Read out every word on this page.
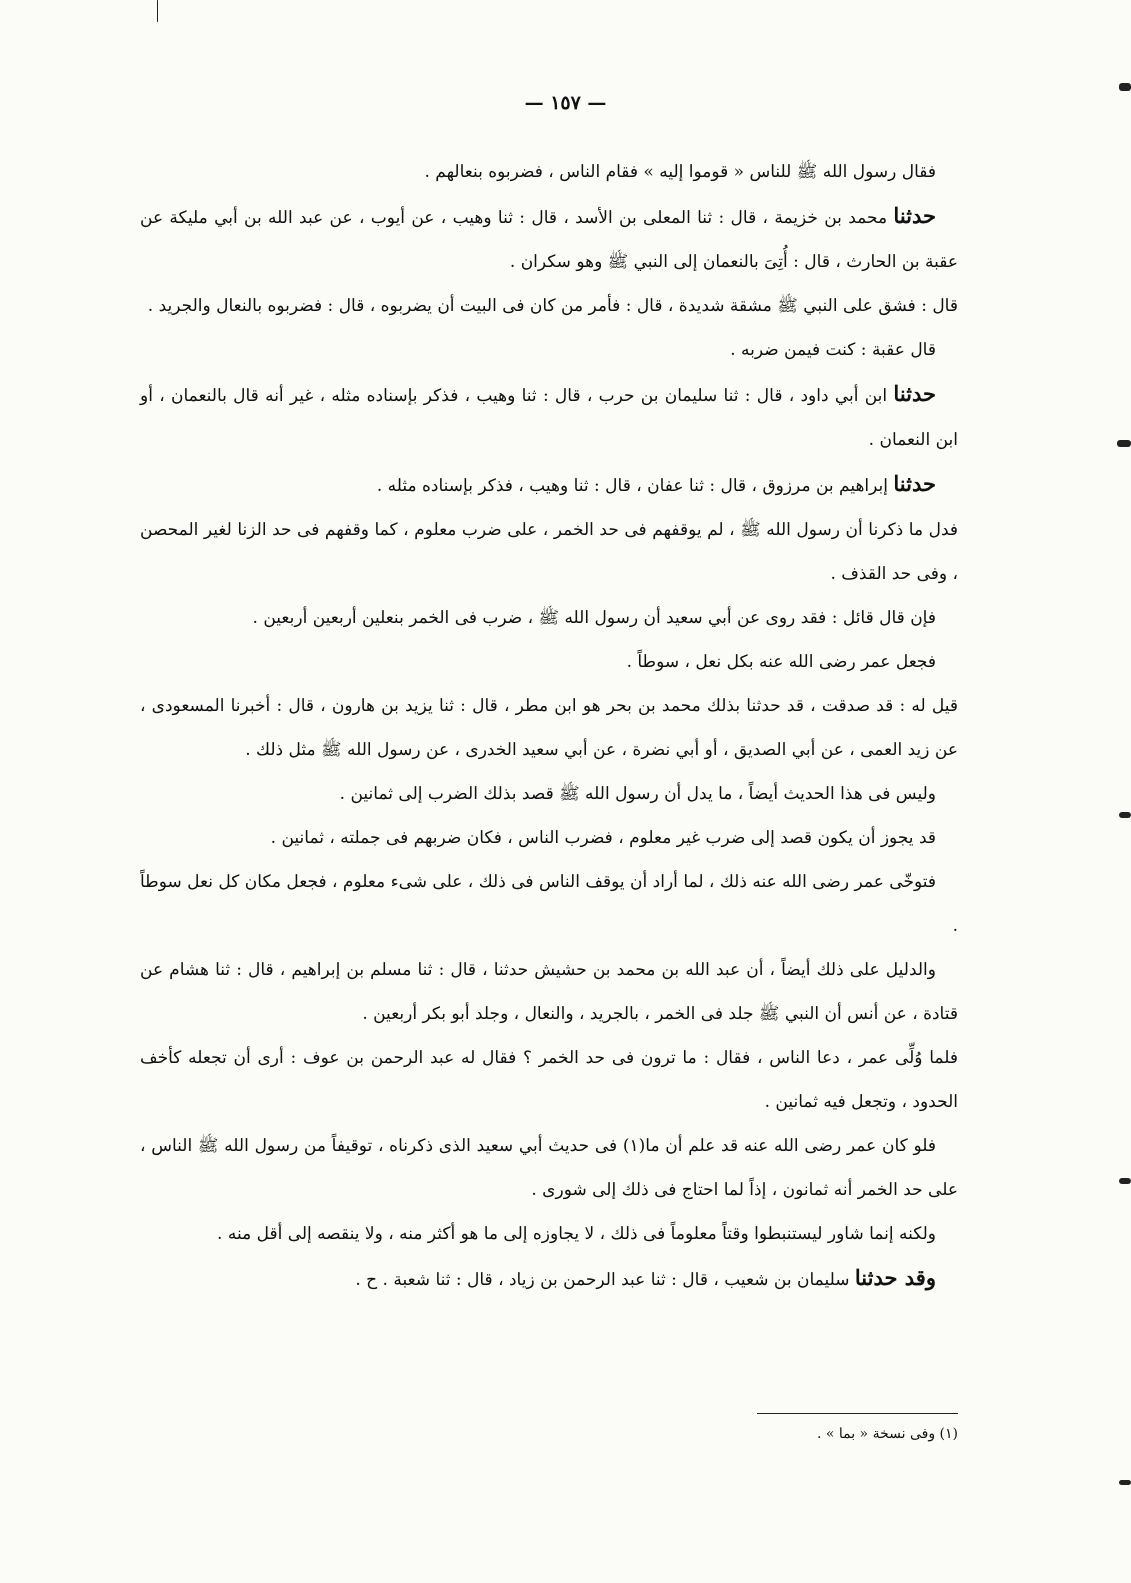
— ١٥٧ —

فقال رسول الله ﷺ للناس « قوموا إليه » فقام الناس ، فضربوه بنعالهم .

حدثنا محمد بن خزيمة ، قال : ثنا المعلى بن الأسد ، قال : ثنا وهيب ، عن أيوب ، عن عبد الله بن أبي مليكة عن عقبة بن الحارث ، قال : أُتِىَ بالنعمان إلى النبي ﷺ وهو سكران .

قال : فشق على النبي ﷺ مشقة شديدة ، قال : فأمر من كان فى البيت أن يضربوه ، قال : فضربوه بالنعال والجريد .

قال عقبة : كنت فيمن ضربه .

حدثنا ابن أبي داود ، قال : ثنا سليمان بن حرب ، قال : ثنا وهيب ، فذكر بإسناده مثله ، غير أنه قال بالنعمان ، أو ابن النعمان .

حدثنا إبراهيم بن مرزوق ، قال : ثنا عفان ، قال : ثنا وهيب ، فذكر بإسناده مثله .

فدل ما ذكرنا أن رسول الله ﷺ ، لم يوقفهم فى حد الخمر ، على ضرب معلوم ، كما وقفهم فى حد الزنا لغير المحصن ، وفى حد القذف .

فإن قال قائل : فقد روى عن أبي سعيد أن رسول الله ﷺ ، ضرب فى الخمر بنعلين أربعين أربعين .

فجعل عمر رضى الله عنه بكل نعل ، سوطاً .

قيل له : قد صدقت ، قد حدثنا بذلك محمد بن بحر هو ابن مطر ، قال : ثنا يزيد بن هارون ، قال : أخبرنا المسعودى ، عن زيد العمى ، عن أبي الصديق ، أو أبي نضرة ، عن أبي سعيد الخدرى ، عن رسول الله ﷺ مثل ذلك .

وليس فى هذا الحديث أيضاً ، ما يدل أن رسول الله ﷺ قصد بذلك الضرب إلى ثمانين .

قد يجوز أن يكون قصد إلى ضرب غير معلوم ، فضرب الناس ، فكان ضربهم فى جملته ، ثمانين .

فتوخّى عمر رضى الله عنه ذلك ، لما أراد أن يوقف الناس فى ذلك ، على شىء معلوم ، فجعل مكان كل نعل سوطاً .

والدليل على ذلك أيضاً ، أن عبد الله بن محمد بن حشيش حدثنا ، قال : ثنا مسلم بن إبراهيم ، قال : ثنا هشام عن قتادة ، عن أنس أن النبي ﷺ جلد فى الخمر ، بالجريد ، والنعال ، وجلد أبو بكر أربعين .

فلما وُلِّى عمر ، دعا الناس ، فقال : ما ترون فى حد الخمر ؟ فقال له عبد الرحمن بن عوف : أرى أن تجعله كأخف الحدود ، وتجعل فيه ثمانين .

فلو كان عمر رضى الله عنه قد علم أن ما(١) فى حديث أبي سعيد الذى ذكرناه ، توقيفاً من رسول الله ﷺ الناس ، على حد الخمر أنه ثمانون ، إذاً لما احتاج فى ذلك إلى شورى .

ولكنه إنما شاور ليستنبطوا وقتاً معلوماً فى ذلك ، لا يجاوزه إلى ما هو أكثر منه ، ولا ينقصه إلى أقل منه .

وقد حدثنا سليمان بن شعيب ، قال : ثنا عبد الرحمن بن زياد ، قال : ثنا شعبة . ح .

(١) وفى نسخة « بما » .
